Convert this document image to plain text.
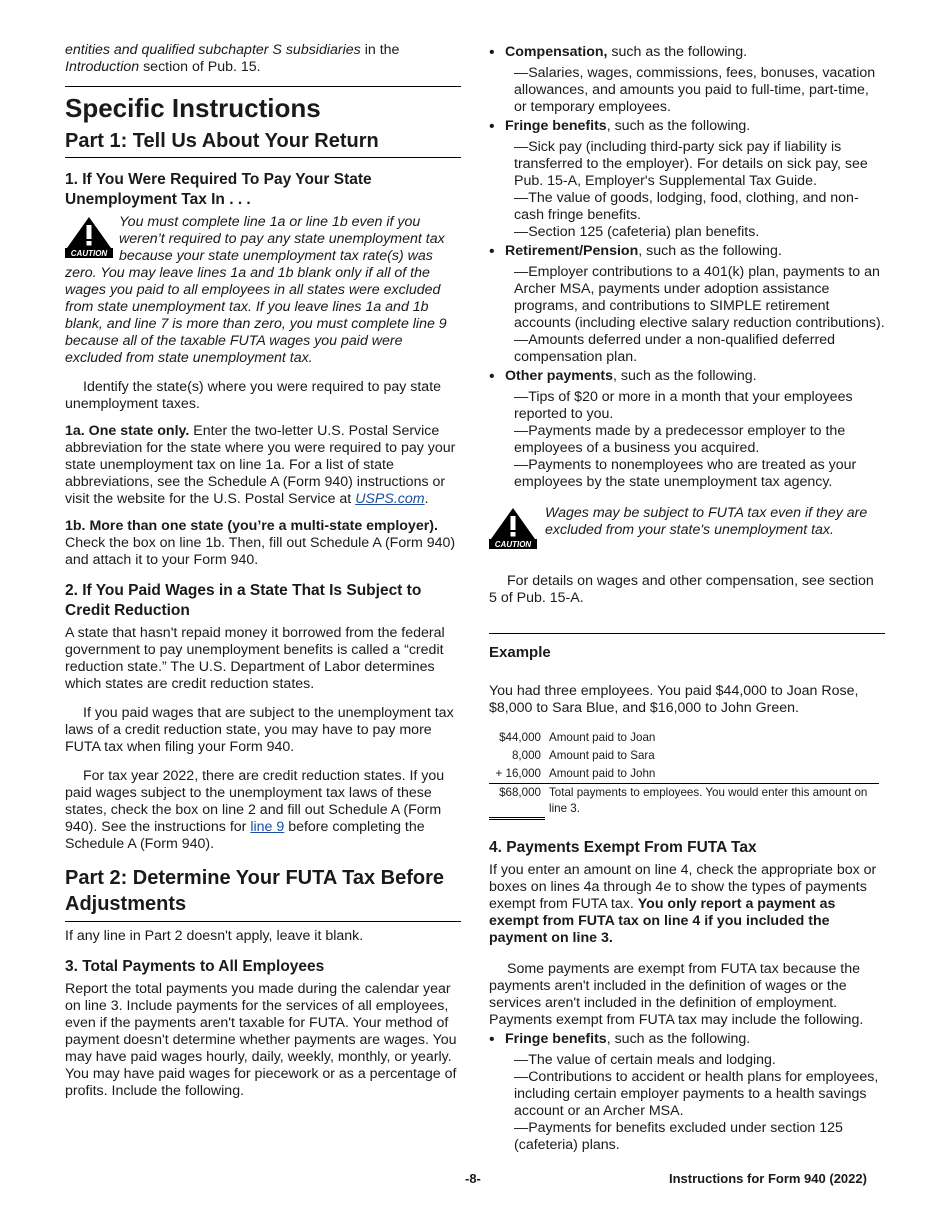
entities and qualified subchapter S subsidiaries in the Introduction section of Pub. 15.

Specific Instructions
Part 1: Tell Us About Your Return
1. If You Were Required To Pay Your State Unemployment Tax In . . .
CAUTION
You must complete line 1a or line 1b even if you weren’t required to pay any state unemployment tax because your state unemployment tax rate(s) was zero. You may leave lines 1a and 1b blank only if all of the wages you paid to all employees in all states were excluded from state unemployment tax. If you leave lines 1a and 1b blank, and line 7 is more than zero, you must complete line 9 because all of the taxable FUTA wages you paid were excluded from state unemployment tax.

Identify the state(s) where you were required to pay state unemployment taxes.

1a. One state only. Enter the two-letter U.S. Postal Service abbreviation for the state where you were required to pay your state unemployment tax on line 1a. For a list of state abbreviations, see the Schedule A (Form 940) instructions or visit the website for the U.S. Postal Service at USPS.com.

1b. More than one state (you’re a multi-state employer). Check the box on line 1b. Then, fill out Schedule A (Form 940) and attach it to your Form 940.

2. If You Paid Wages in a State That Is Subject to Credit Reduction

A state that hasn't repaid money it borrowed from the federal government to pay unemployment benefits is called a “credit reduction state.” The U.S. Department of Labor determines which states are credit reduction states.

If you paid wages that are subject to the unemployment tax laws of a credit reduction state, you may have to pay more FUTA tax when filing your Form 940.

For tax year 2022, there are credit reduction states. If you paid wages subject to the unemployment tax laws of these states, check the box on line 2 and fill out Schedule A (Form 940). See the instructions for line 9 before completing the Schedule A (Form 940).

Part 2: Determine Your FUTA Tax Before Adjustments

If any line in Part 2 doesn't apply, leave it blank.

3. Total Payments to All Employees

Report the total payments you made during the calendar year on line 3. Include payments for the services of all employees, even if the payments aren't taxable for FUTA. Your method of payment doesn't determine whether payments are wages. You may have paid wages hourly, daily, weekly, monthly, or yearly. You may have paid wages for piecework or as a percentage of profits. Include the following.

• Compensation, such as the following.

—Salaries, wages, commissions, fees, bonuses, vacation allowances, and amounts you paid to full-time, part-time, or temporary employees.

• Fringe benefits, such as the following.

—Sick pay (including third-party sick pay if liability is transferred to the employer). For details on sick pay, see Pub. 15-A, Employer's Supplemental Tax Guide.

—The value of goods, lodging, food, clothing, and non-cash fringe benefits.

—Section 125 (cafeteria) plan benefits.

• Retirement/Pension, such as the following.

—Employer contributions to a 401(k) plan, payments to an Archer MSA, payments under adoption assistance programs, and contributions to SIMPLE retirement accounts (including elective salary reduction contributions).

—Amounts deferred under a non-qualified deferred compensation plan.

• Other payments, such as the following.

—Tips of $20 or more in a month that your employees reported to you.

—Payments made by a predecessor employer to the employees of a business you acquired.

—Payments to nonemployees who are treated as your employees by the state unemployment tax agency.

CAUTION
Wages may be subject to FUTA tax even if they are excluded from your state's unemployment tax.

For details on wages and other compensation, see section 5 of Pub. 15-A.

Example

You had three employees. You paid $44,000 to Joan Rose, $8,000 to Sara Blue, and $16,000 to John Green.

$44,000	Amount paid to Joan
8,000	Amount paid to Sara
+ 16,000	Amount paid to John
$68,000	Total payments to employees. You would enter this amount on line 3.
4. Payments Exempt From FUTA Tax

If you enter an amount on line 4, check the appropriate box or boxes on lines 4a through 4e to show the types of payments exempt from FUTA tax. You only report a payment as exempt from FUTA tax on line 4 if you included the payment on line 3.

Some payments are exempt from FUTA tax because the payments aren't included in the definition of wages or the services aren't included in the definition of employment. Payments exempt from FUTA tax may include the following.

• Fringe benefits, such as the following.

—The value of certain meals and lodging.

—Contributions to accident or health plans for employees, including certain employer payments to a health savings account or an Archer MSA.

—Payments for benefits excluded under section 125 (cafeteria) plans.

-8-	Instructions for Form 940 (2022)
